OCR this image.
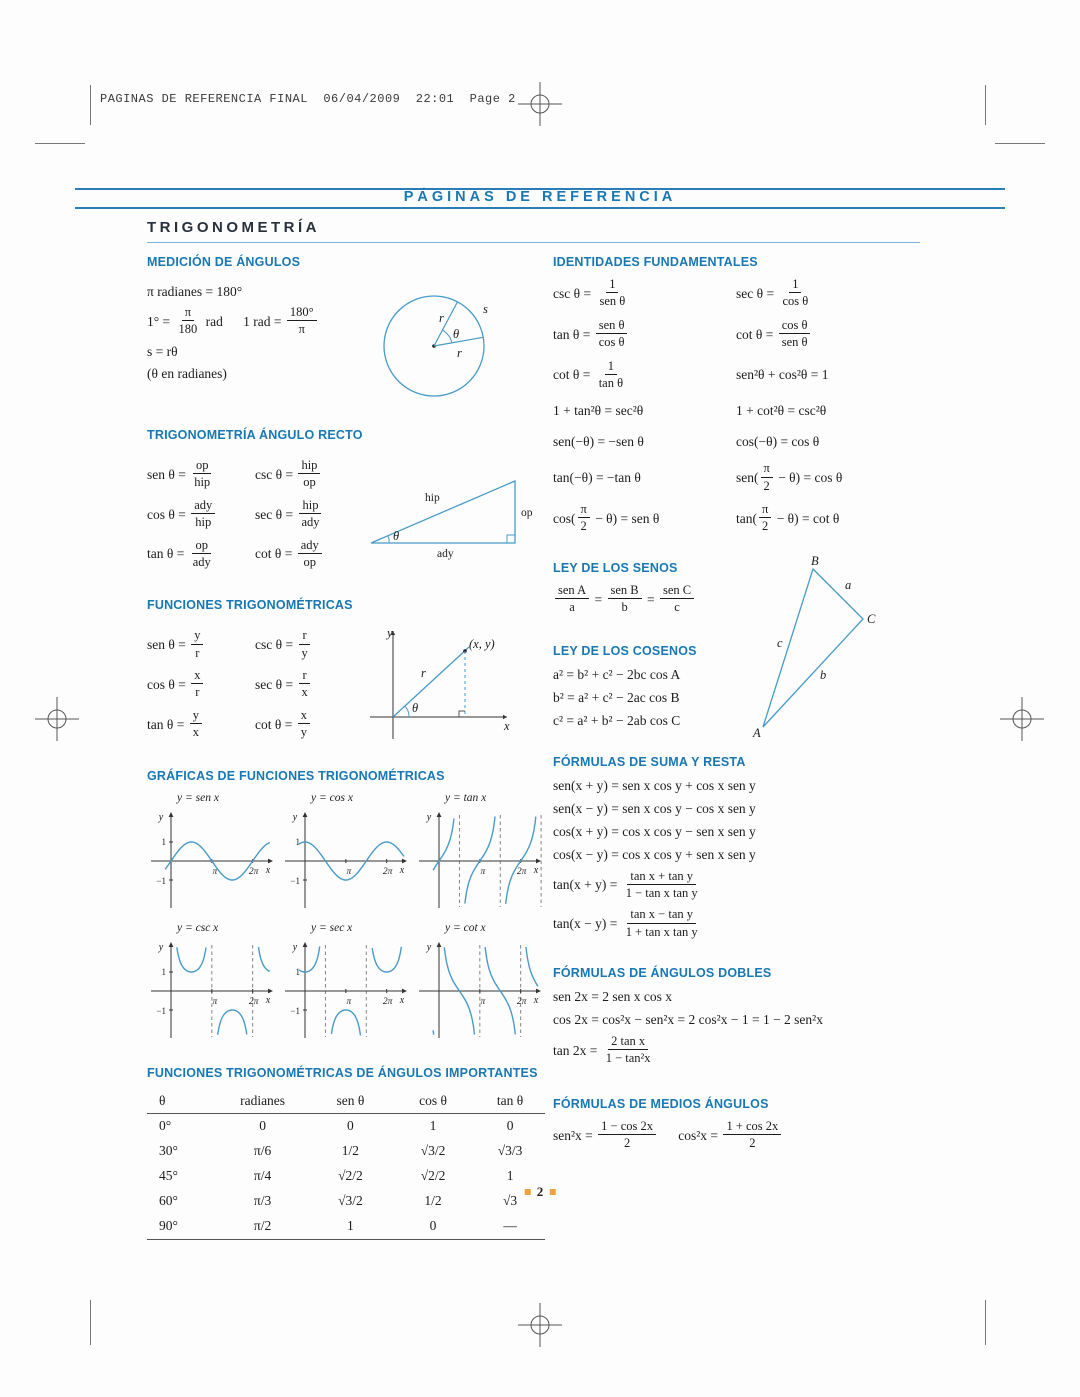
PAGINAS DE REFERENCIA FINAL  06/04/2009  22:01  Page 2
PÁGINAS DE REFERENCIA
TRIGONOMETRÍA
MEDICIÓN DE ÁNGULOS
π radianes = 180°
$1^\circ = \frac{\pi}{180}$ rad      1 rad = $\frac{180^\circ}{\pi}$
s = rθ
(θ en radianes)
r
r
s
θ
TRIGONOMETRÍA ÁNGULO RECTO
sen $\theta = \frac{op}{\text{hip}}$	$\csc \theta = \frac{\text{hip}}{op}$
$\cos \theta = \frac{\text{ady}}{\text{hip}}$	$\sec \theta = \frac{\text{hip}}{\text{ady}}$
$\tan \theta = \frac{op}{\text{ady}}$	$\cot \theta = \frac{\text{ady}}{op}$
hip
op
ady
θ
FUNCIONES TRIGONOMÉTRICAS
sen $\theta = \frac{y}{r}$	$\csc \theta = \frac{r}{y}$
$\cos \theta = \frac{x}{r}$	$\sec \theta = \frac{r}{x}$
$\tan \theta = \frac{y}{x}$	$\cot \theta = \frac{x}{y}$
y
x
r
θ
(x, y)
GRÁFICAS DE FUNCIONES TRIGONOMÉTRICAS
y = sen x
x
y
1
−1
π	2π
y = cos x
x
y
1
−1
π	2π
y = tan x
x
y
π	2π
y = csc x
x
y
1
−1
π	2π
y = sec x
x
y
1
−1
π	2π
y = cot x
x
y
π	2π
FUNCIONES TRIGONOMÉTRICAS DE ÁNGULOS IMPORTANTES
θ	radianes	sen θ	cos θ	tan θ
0°	0	0	1	0
30°	π/6	1/2	√3/2	√3/3
45°	π/4	√2/2	√2/2	1
60°	π/3	√3/2	1/2	√3
90°	π/2	1	0	—
IDENTIDADES FUNDAMENTALES
$\csc \theta = \frac{1}{\text{sen θ}}$	$\sec \theta = \frac{1}{\text{cos θ}}$
$\tan \theta = \frac{\text{sen θ}}{\text{cos θ}}$	$\cot \theta = \frac{\text{cos θ}}{\text{sen θ}}$
$\cot \theta = \frac{1}{\text{tan θ}}$	sen²θ + cos²θ = 1
1 + tan²θ = sec²θ	1 + cot²θ = csc²θ
sen(−θ) = −sen θ	cos(−θ) = cos θ
tan(−θ) = −tan θ	$sen( \frac{\pi}{2} - \theta) = \cos \theta$
$\cos( \frac{\pi}{2} - \theta)$ = sen θ	$\tan( \frac{\pi}{2} - \theta) = \cot \theta$
LEY DE LOS SENOS
$\frac{\text{sen A}}{a} = \frac{\text{sen B}}{b} = \frac{\text{sen C}}{c}$
B
C
A
a
b
c
LEY DE LOS COSENOS
a² = b² + c² − 2bc cos A
b² = a² + c² − 2ac cos B
c² = a² + b² − 2ab cos C
FÓRMULAS DE SUMA Y RESTA
sen(x + y) = sen x cos y + cos x sen y
sen(x − y) = sen x cos y − cos x sen y
cos(x + y) = cos x cos y − sen x sen y
cos(x − y) = cos x cos y + sen x sen y
$\tan(x + y) = \frac{\text{tan x + tan y}}{\text{1 − tan x tan y}}$
$\tan(x - y) = \frac{\text{tan x − tan y}}{\text{1 + tan x tan y}}$
FÓRMULAS DE ÁNGULOS DOBLES
sen 2x = 2 sen x cos x
cos 2x = cos²x − sen²x = 2 cos²x − 1 = 1 − 2 sen²x
$\tan 2x = \frac{\text{2 tan x}}{\text{1 − tan²x}}$
FÓRMULAS DE MEDIOS ÁNGULOS
$sen^2x = \frac{1 - \cos 2x}{2} \cos^2x = \frac{1 + \cos 2x}{2}$
2
